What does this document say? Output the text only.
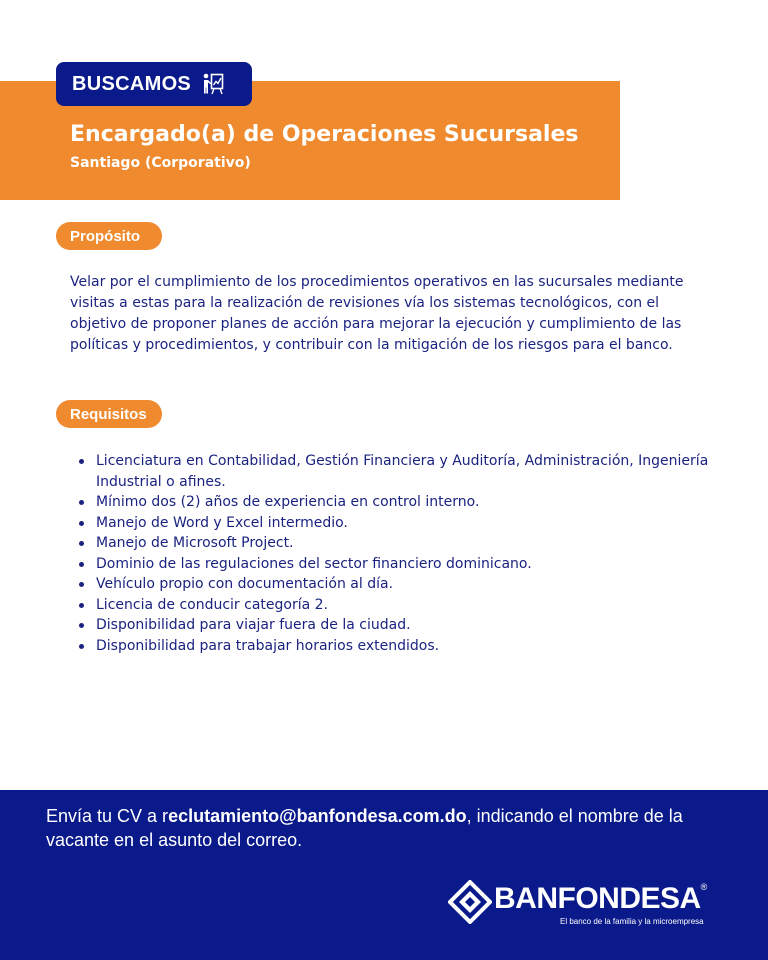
BUSCAMOS
Encargado(a) de Operaciones Sucursales
Santiago (Corporativo)
Propósito

Velar por el cumplimiento de los procedimientos operativos en las sucursales mediante visitas a estas para la realización de revisiones vía los sistemas tecnológicos, con el objetivo de proponer planes de acción para mejorar la ejecución y cumplimiento de las políticas y procedimientos, y contribuir con la mitigación de los riesgos para el banco.

Requisitos
Licenciatura en Contabilidad, Gestión Financiera y Auditoría, Administración, Ingeniería Industrial o afines.
Mínimo dos (2) años de experiencia en control interno.
Manejo de Word y Excel intermedio.
Manejo de Microsoft Project.
Dominio de las regulaciones del sector financiero dominicano.
Vehículo propio con documentación al día.
Licencia de conducir categoría 2.
Disponibilidad para viajar fuera de la ciudad.
Disponibilidad para trabajar horarios extendidos.

Envía tu CV a reclutamiento@banfondesa.com.do, indicando el nombre de la vacante en el asunto del correo.

BANFONDESA®
El banco de la familia y la microempresa
